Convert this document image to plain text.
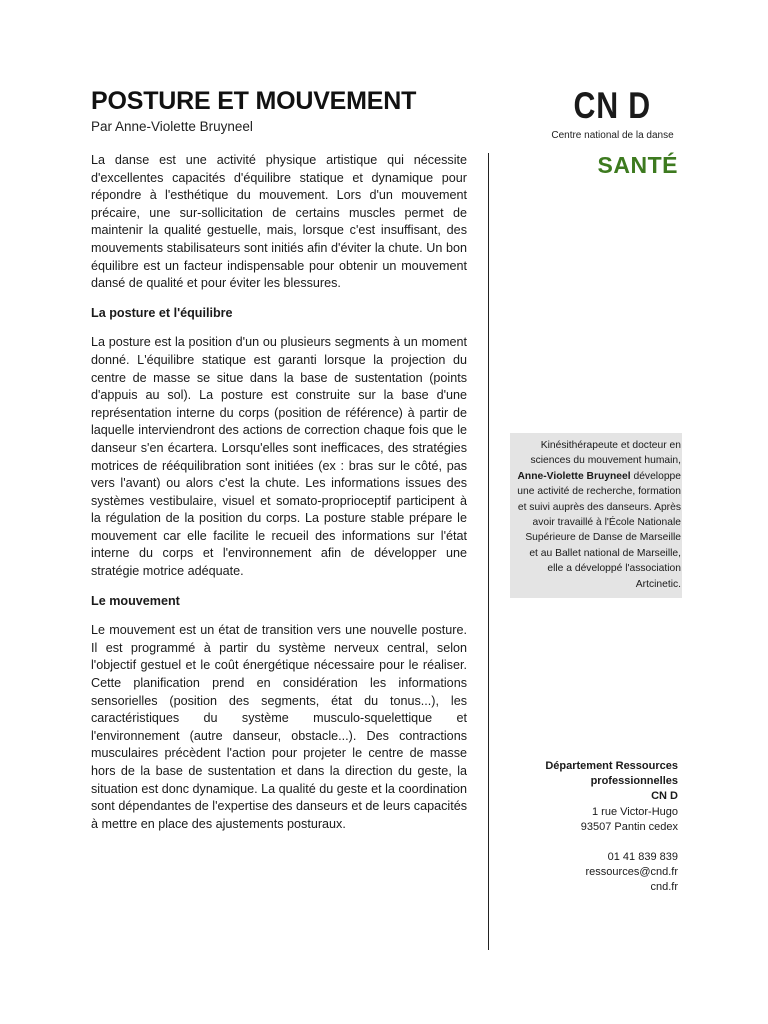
POSTURE ET MOUVEMENT

Par Anne-Violette Bruyneel

La danse est une activité physique artistique qui nécessite d'excellentes capacités d'équilibre statique et dynamique pour répondre à l'esthétique du mouvement. Lors d'un mouvement précaire, une sur-sollicitation de certains muscles permet de maintenir la qualité gestuelle, mais, lorsque c'est insuffisant, des mouvements stabilisateurs sont initiés afin d'éviter la chute. Un bon équilibre est un facteur indispensable pour obtenir un mouvement dansé de qualité et pour éviter les blessures.

La posture et l'équilibre

La posture est la position d'un ou plusieurs segments à un moment donné. L'équilibre statique est garanti lorsque la projection du centre de masse se situe dans la base de sustentation (points d'appuis au sol). La posture est construite sur la base d'une représentation interne du corps (position de référence) à partir de laquelle interviendront des actions de correction chaque fois que le danseur s'en écartera. Lorsqu'elles sont inefficaces, des stratégies motrices de rééquilibration sont initiées (ex : bras sur le côté, pas vers l'avant) ou alors c'est la chute. Les informations issues des systèmes vestibulaire, visuel et somato-proprioceptif participent à la régulation de la position du corps. La posture stable prépare le mouvement car elle facilite le recueil des informations sur l'état interne du corps et l'environnement afin de développer une stratégie motrice adéquate.

Le mouvement

Le mouvement est un état de transition vers une nouvelle posture. Il est programmé à partir du système nerveux central, selon l'objectif gestuel et le coût énergétique nécessaire pour le réaliser. Cette planification prend en considération les informations sensorielles (position des segments, état du tonus...), les caractéristiques du système musculo-squelettique et l'environnement (autre danseur, obstacle...). Des contractions musculaires précèdent l'action pour projeter le centre de masse hors de la base de sustentation et dans la direction du geste, la situation est donc dynamique. La qualité du geste et la coordination sont dépendantes de l'expertise des danseurs et de leurs capacités à mettre en place des ajustements posturaux.

CN D
Centre national de la danse
SANTÉ
Kinésithérapeute et docteur en sciences du mouvement humain, Anne-Violette Bruyneel développe une activité de recherche, formation et suivi auprès des danseurs. Après avoir travaillé à l'École Nationale Supérieure de Danse de Marseille et au Ballet national de Marseille, elle a développé l'association Artcinetic.
Département Ressources
professionnelles
CN D
1 rue Victor-Hugo
93507 Pantin cedex
01 41 839 839
ressources@cnd.fr
cnd.fr
